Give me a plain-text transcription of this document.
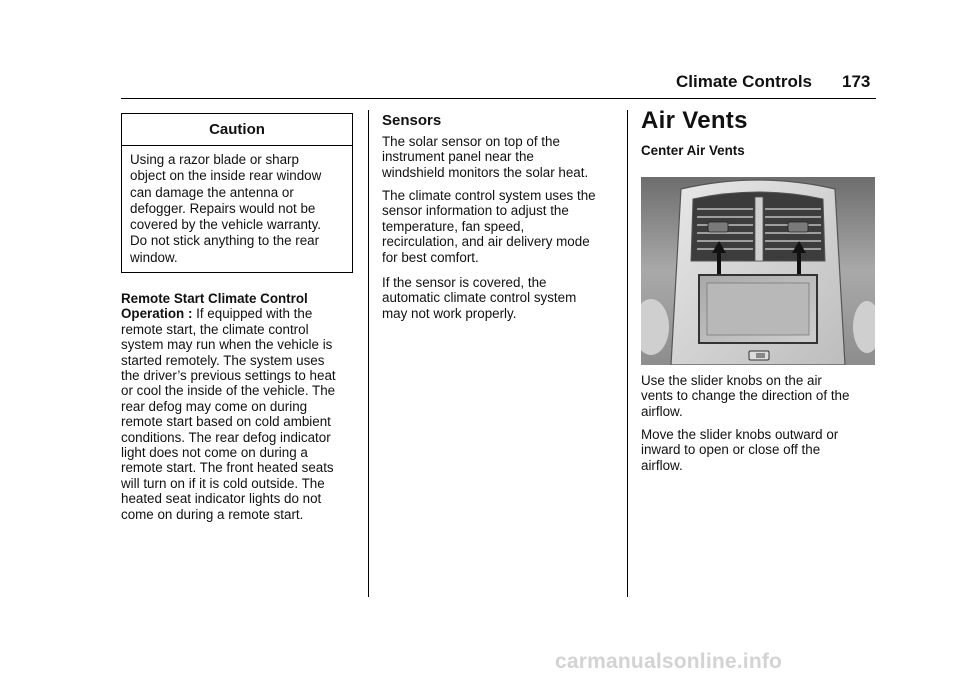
Climate Controls 173
Caution
Using a razor blade or sharp
object on the inside rear window
can damage the antenna or
defogger. Repairs would not be
covered by the vehicle warranty.
Do not stick anything to the rear
window.
Remote Start Climate Control
Operation : If equipped with the
remote start, the climate control
system may run when the vehicle is
started remotely. The system uses
the driver’s previous settings to heat
or cool the inside of the vehicle. The
rear defog may come on during
remote start based on cold ambient
conditions. The rear defog indicator
light does not come on during a
remote start. The front heated seats
will turn on if it is cold outside. The
heated seat indicator lights do not
come on during a remote start.
Sensors
The solar sensor on top of the
instrument panel near the
windshield monitors the solar heat.
The climate control system uses the
sensor information to adjust the
temperature, fan speed,
recirculation, and air delivery mode
for best comfort.
If the sensor is covered, the
automatic climate control system
may not work properly.
Air Vents
Center Air Vents
Use the slider knobs on the air
vents to change the direction of the
airflow.
Move the slider knobs outward or
inward to open or close off the
airflow.
carmanualsonline.info
